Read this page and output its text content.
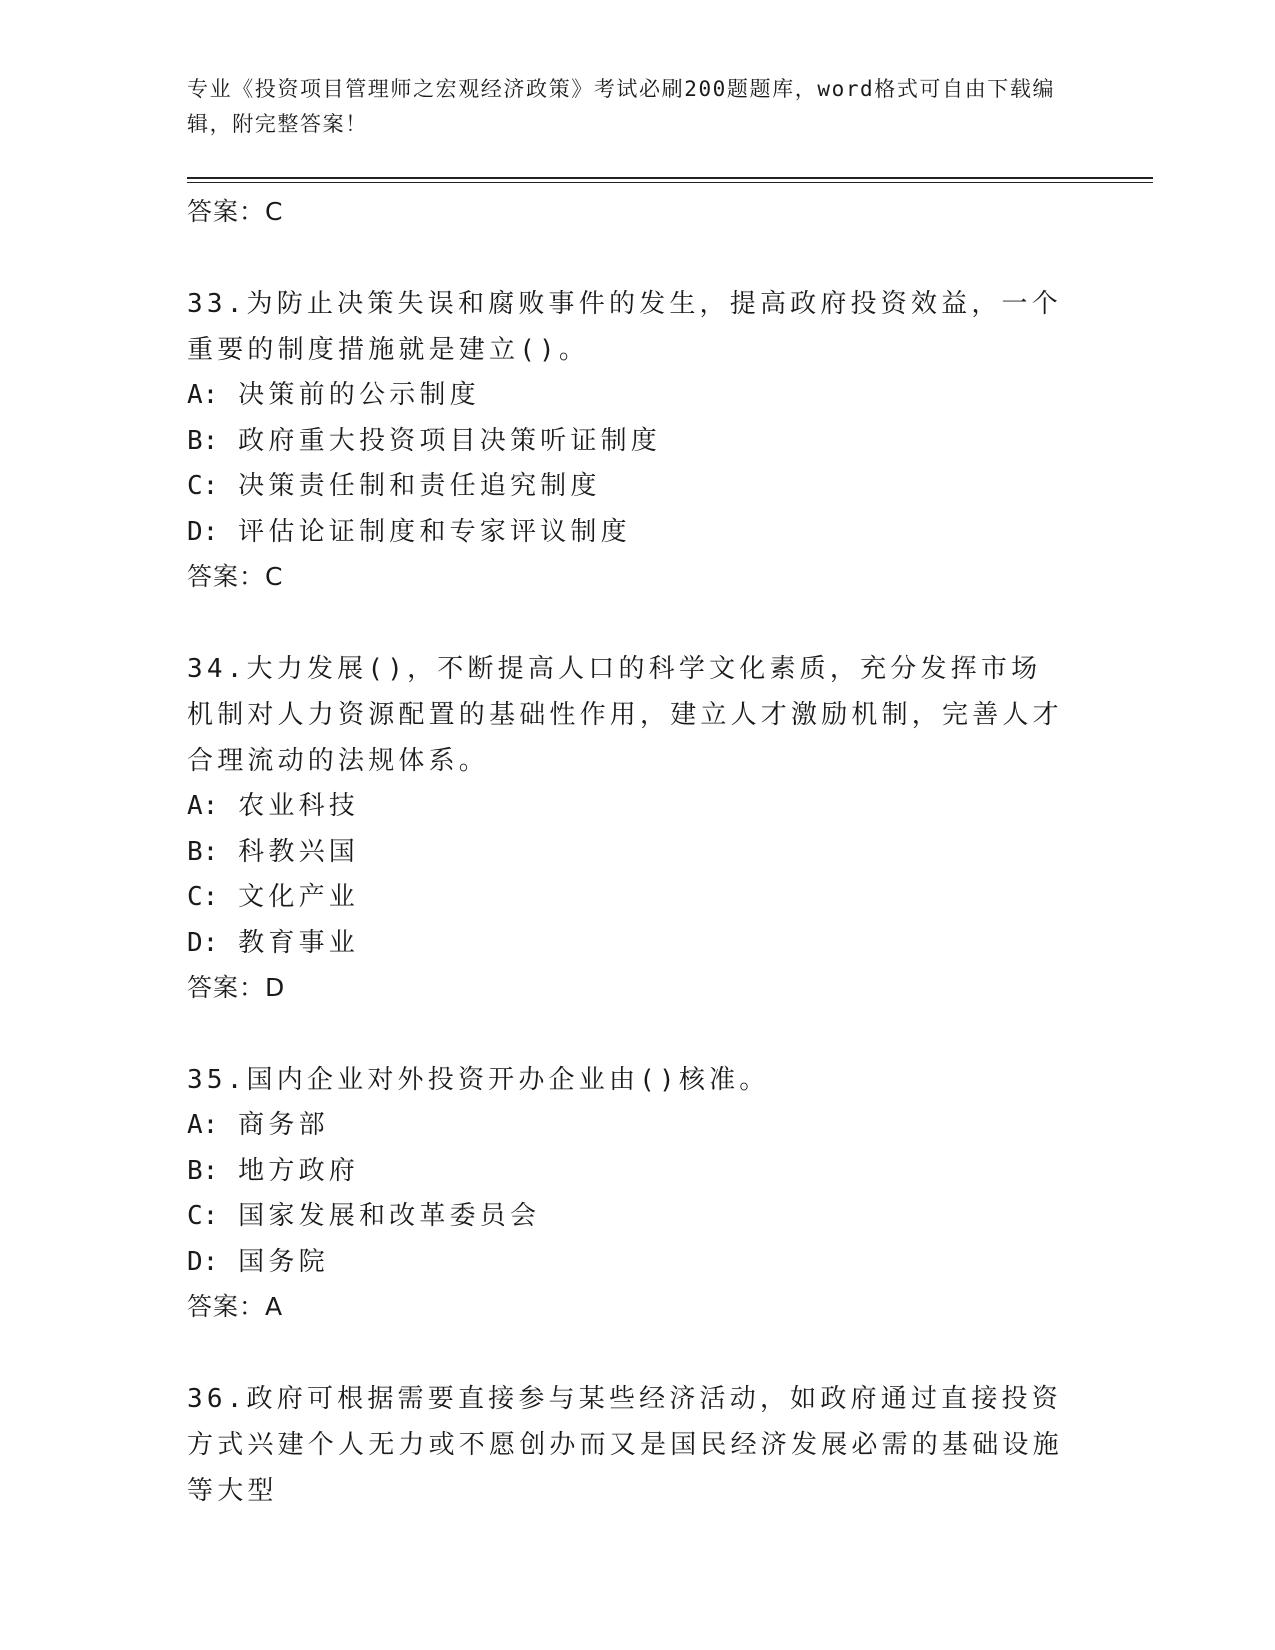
专业《投资项目管理师之宏观经济政策》考试必刷200题题库，word格式可自由下载编辑，附完整答案！
答案：C
33.为防止决策失误和腐败事件的发生，提高政府投资效益，一个重要的制度措施就是建立()。
A: 决策前的公示制度
B: 政府重大投资项目决策听证制度
C: 决策责任制和责任追究制度
D: 评估论证制度和专家评议制度
答案：C
34.大力发展()，不断提高人口的科学文化素质，充分发挥市场机制对人力资源配置的基础性作用，建立人才激励机制，完善人才合理流动的法规体系。
A: 农业科技
B: 科教兴国
C: 文化产业
D: 教育事业
答案：D
35.国内企业对外投资开办企业由()核准。
A: 商务部
B: 地方政府
C: 国家发展和改革委员会
D: 国务院
答案：A
36.政府可根据需要直接参与某些经济活动，如政府通过直接投资方式兴建个人无力或不愿创办而又是国民经济发展必需的基础设施等大型
